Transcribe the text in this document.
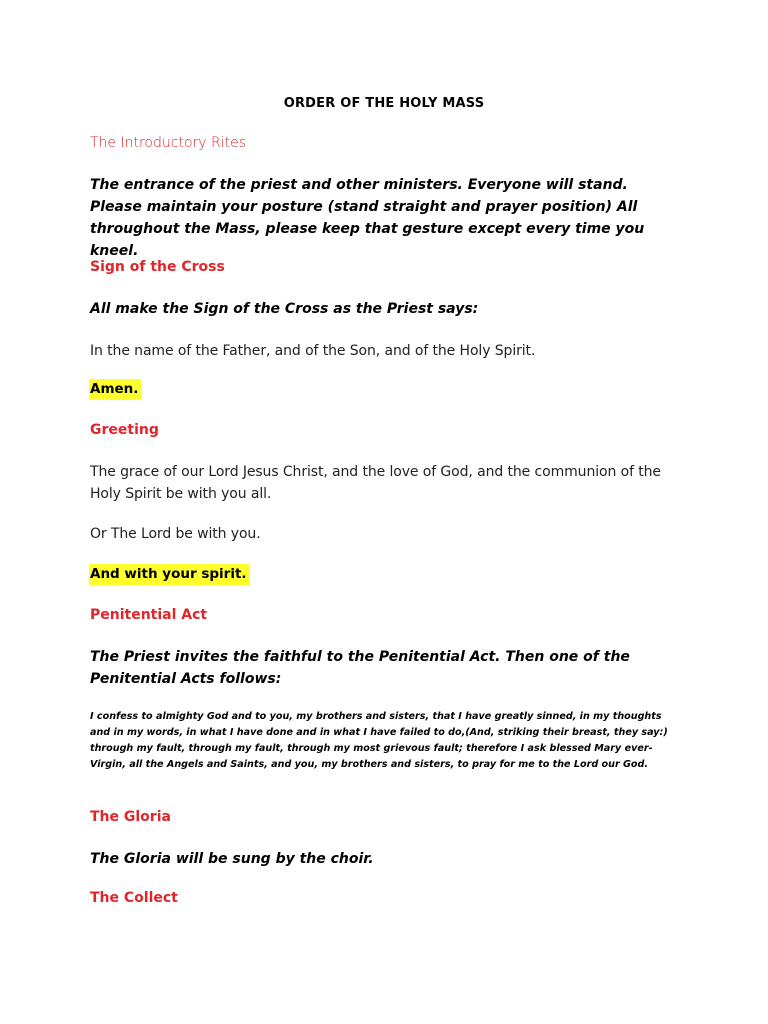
ORDER OF THE HOLY MASS
The Introductory Rites
The entrance of the priest and other ministers. Everyone will stand. Please maintain your posture (stand straight and prayer position) All throughout the Mass, please keep that gesture except every time you kneel.
Sign of the Cross
All make the Sign of the Cross as the Priest says:
In the name of the Father, and of the Son, and of the Holy Spirit.
Amen.
Greeting
The grace of our Lord Jesus Christ, and the love of God, and the communion of the Holy Spirit be with you all.
Or The Lord be with you.
And with your spirit.
Penitential Act
The Priest invites the faithful to the Penitential Act. Then one of the Penitential Acts follows:
I confess to almighty God and to you, my brothers and sisters, that I have greatly sinned, in my thoughts and in my words, in what I have done and in what I have failed to do,(And, striking their breast, they say:) through my fault, through my fault, through my most grievous fault; therefore I ask blessed Mary ever-Virgin, all the Angels and Saints, and you, my brothers and sisters, to pray for me to the Lord our God.
The Gloria
The Gloria will be sung by the choir.
The Collect
